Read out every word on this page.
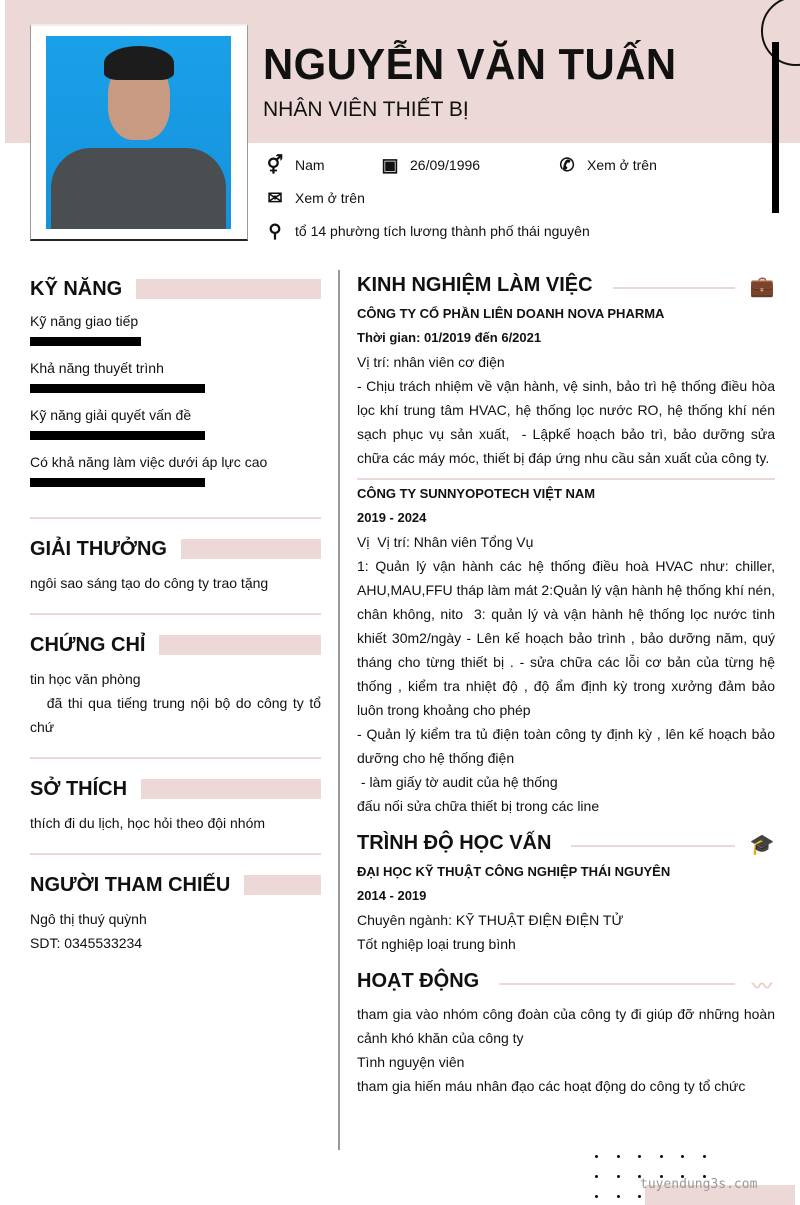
NGUYỄN VĂN TUẤN
NHÂN VIÊN THIẾT BỊ
⚥ Nam	▣ 26/09/1996	✆ Xem ở trên
✉ Xem ở trên
⚲ tổ 14 phường tích lương thành phố thái nguyên
KỸ NĂNG
Kỹ năng giao tiếp
Khả năng thuyết trình
Kỹ năng giải quyết vấn đề
Có khả năng làm việc dưới áp lực cao
GIẢI THƯỞNG
ngôi sao sáng tạo do công ty trao tặng
CHỨNG CHỈ
tin học văn phòng
đã thi qua tiếng trung nội bộ do công ty tổ chứ
SỞ THÍCH
thích đi du lịch, học hỏi theo đội nhóm
NGƯỜI THAM CHIẾU
Ngô thị thuý quỳnh
SDT: 0345533234
KINH NGHIỆM LÀM VIỆC	💼
CÔNG TY CỔ PHẦN LIÊN DOANH NOVA PHARMA
Thời gian: 01/2019 đến 6/2021
Vị trí: nhân viên cơ điện
- Chịu trách nhiệm về vận hành, vệ sinh, bảo trì hệ thống điều hòa lọc khí trung tâm HVAC, hệ thống lọc nước RO, hệ thống khí nén sạch phục vụ sản xuất,  - Lậpkế hoạch bảo trì, bảo dưỡng sửa chữa các máy móc, thiết bị đáp ứng nhu cầu sản xuất của công ty.
CÔNG TY SUNNYOPOTECH VIỆT NAM
2019 - 2024
Vị  Vị trí: Nhân viên Tổng Vụ
1: Quản lý vận hành các hệ thống điều hoà HVAC như: chiller, AHU,MAU,FFU tháp làm mát 2:Quản lý vận hành hệ thống khí nén, chân không, nito  3: quản lý và vận hành hệ thống lọc nước tinh khiết 30m2/ngày - Lên kế hoạch bảo trình , bảo dưỡng năm, quý tháng cho từng thiết bị . - sửa chữa các lỗi cơ bản của từng hệ thống , kiểm tra nhiệt độ , độ ẩm định kỳ trong xưởng đảm bảo luôn trong khoảng cho phép
- Quản lý kiểm tra tủ điện toàn công ty định kỳ , lên kế hoạch bảo dưỡng cho hệ thống điện
- làm giấy tờ audit của hệ thống
đấu nối sửa chữa thiết bị trong các line
TRÌNH ĐỘ HỌC VẤN	🎓
ĐẠI HỌC KỸ THUẬT CÔNG NGHIỆP THÁI NGUYÊN
2014 - 2019
Chuyên ngành: KỸ THUẬT ĐIỆN ĐIỆN TỬ
Tốt nghiệp loại trung bình
HOẠT ĐỘNG	〰
tham gia vào nhóm công đoàn của công ty đi giúp đỡ những hoàn cảnh khó khăn của công ty
Tình nguyện viên
tham gia hiến máu nhân đạo các hoạt động do công ty tổ chức
tuyendung3s.com
